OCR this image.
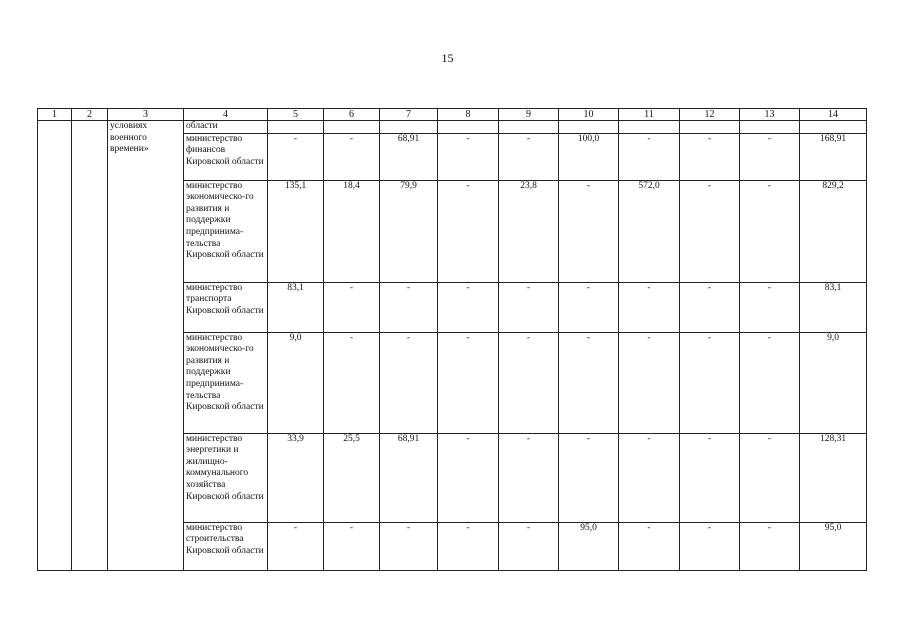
15
1	2	3	4	5	6	7	8	9	10	11	12	13	14
		условиях военного времени»	области										
			министерство финансов Кировской области	-	-	68,91	-	-	100,0	-	-	-	168,91
			министерство экономическо-го развития и поддержки предпринима-тельства Кировской области	135,1	18,4	79,9	-	23,8	-	572,0	-	-	829,2
			министерство транспорта Кировской области	83,1	-	-	-	-	-	-	-	-	83,1
			министерство экономическо-го развития и поддержки предпринима-тельства Кировской области	9,0	-	-	-	-	-	-	-	-	9,0
			министерство энергетики и жилищно-коммунального хозяйства Кировской области	33,9	25,5	68,91	-	-	-	-	-	-	128,31
			министерство строительства Кировской области	-	-	-	-	-	95,0	-	-	-	95,0
